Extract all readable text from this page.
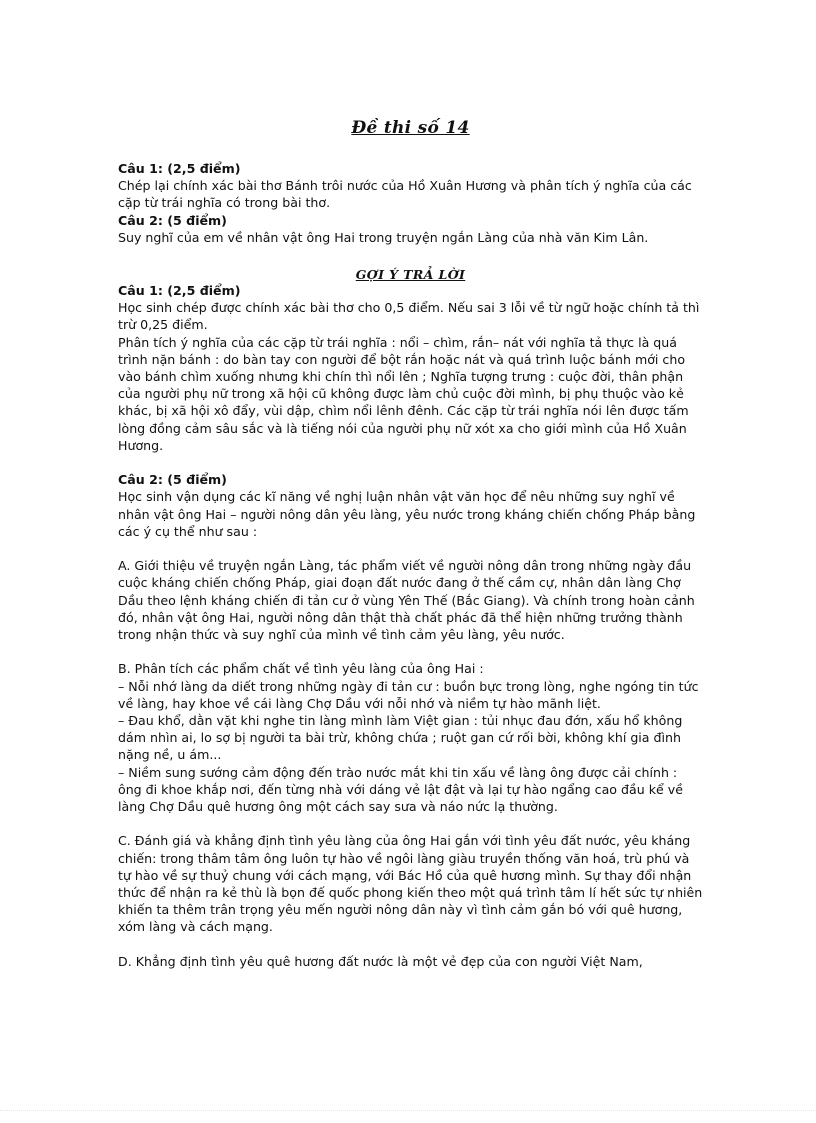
Đề thi số 14
Câu 1: (2,5 điểm)

Chép lại chính xác bài thơ Bánh trôi nước của Hồ Xuân Hương và phân tích ý nghĩa của các cặp từ trái nghĩa có trong bài thơ.

Câu 2: (5 điểm)

Suy nghĩ của em về nhân vật ông Hai trong truyện ngắn Làng của nhà văn Kim Lân.

GỢI Ý TRẢ LỜI
Câu 1: (2,5 điểm)

Học sinh chép được chính xác bài thơ cho 0,5 điểm. Nếu sai 3 lỗi về từ ngữ hoặc chính tả thì trừ 0,25 điểm.

Phân tích ý nghĩa của các cặp từ trái nghĩa : nổi – chìm, rắn– nát với nghĩa tả thực là quá trình nặn bánh : do bàn tay con người để bột rắn hoặc nát và quá trình luộc bánh mới cho vào bánh chìm xuống nhưng khi chín thì nổi lên ; Nghĩa tượng trưng : cuộc đời, thân phận của người phụ nữ trong xã hội cũ không được làm chủ cuộc đời mình, bị phụ thuộc vào kẻ khác, bị xã hội xô đẩy, vùi dập, chìm nổi lênh đênh. Các cặp từ trái nghĩa nói lên được tấm lòng đồng cảm sâu sắc và là tiếng nói của người phụ nữ xót xa cho giới mình của Hồ Xuân Hương.

Câu 2: (5 điểm)

Học sinh vận dụng các kĩ năng về nghị luận nhân vật văn học để nêu những suy nghĩ về nhân vật ông Hai – người nông dân yêu làng, yêu nước trong kháng chiến chống Pháp bằng các ý cụ thể như sau :

A. Giới thiệu về truyện ngắn Làng, tác phẩm viết về người nông dân trong những ngày đầu cuộc kháng chiến chống Pháp, giai đoạn đất nước đang ở thế cầm cự, nhân dân làng Chợ Dầu theo lệnh kháng chiến đi tản cư ở vùng Yên Thế (Bắc Giang). Và chính trong hoàn cảnh đó, nhân vật ông Hai, người nông dân thật thà chất phác đã thể hiện những trưởng thành trong nhận thức và suy nghĩ của mình về tình cảm yêu làng, yêu nước.

B. Phân tích các phẩm chất về tình yêu làng của ông Hai :

– Nỗi nhớ làng da diết trong những ngày đi tản cư : buồn bực trong lòng, nghe ngóng tin tức về làng, hay khoe về cái làng Chợ Dầu với nỗi nhớ và niềm tự hào mãnh liệt.

– Đau khổ, dằn vặt khi nghe tin làng mình làm Việt gian : tủi nhục đau đớn, xấu hổ không dám nhìn ai, lo sợ bị người ta bài trừ, không chứa ; ruột gan cứ rối bời, không khí gia đình nặng nề, u ám...

– Niềm sung sướng cảm động đến trào nước mắt khi tin xấu về làng ông được cải chính : ông đi khoe khắp nơi, đến từng nhà với dáng vẻ lật đật và lại tự hào ngẩng cao đầu kể về làng Chợ Dầu quê hương ông một cách say sưa và náo nức lạ thường.

C. Đánh giá và khẳng định tình yêu làng của ông Hai gắn với tình yêu đất nước, yêu kháng chiến: trong thâm tâm ông luôn tự hào về ngôi làng giàu truyền thống văn hoá, trù phú và tự hào về sự thuỷ chung với cách mạng, với Bác Hồ của quê hương mình. Sự thay đổi nhận thức để nhận ra kẻ thù là bọn đế quốc phong kiến theo một quá trình tâm lí hết sức tự nhiên khiến ta thêm trân trọng yêu mến người nông dân này vì tình cảm gắn bó với quê hương, xóm làng và cách mạng.

D. Khẳng định tình yêu quê hương đất nước là một vẻ đẹp của con người Việt Nam,
